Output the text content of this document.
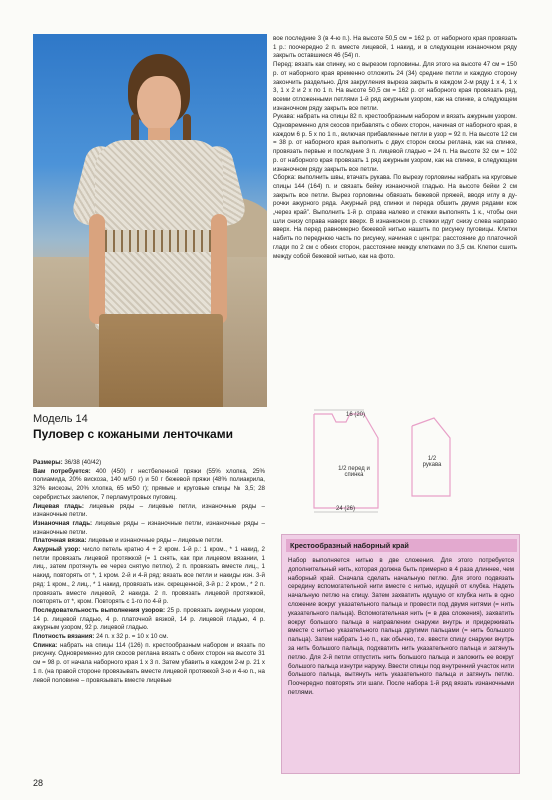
вое последние 3 (в 4-ю п.). На высоте 50,5 см = 162 р. от наборного края провязать 1 р.: поочередно 2 п. вместе лицевой, 1 накид, и в следующем изнаночном ряду закрыть оставшиеся 46 (54) п.

Перед: вязать как спинку, но с вырезом горловины. Для этого на высоте 47 см = 150 р. от наборного края временно отложить 24 (34) средние петли и каждую сторону закончить раздельно. Для закругления выреза закрыть в каждом 2-м ряду 1 x 4, 1 x 3, 1 x 2 и 2 x по 1 п. На высоте 50,5 см = 162 р. от наборного края провязать ряд, всеми отложенными петлями 1-й ряд ажурным узором, как на спинке, а следующем изнаночном ряду закрыть все петли.

Рукава: набрать на спицы 82 п. крестообразным набором и вязать ажурным узором. Одновременно для скосов прибавлять с обеих сторон, начиная от наборного края, в каждом 6 р. 5 x по 1 п., включая прибавленные петли в узор = 92 п. На высоте 12 см = 38 р. от наборного края выполнить с двух сторон скосы реглана, как на спинке, провязать первые и последние 3 п. лицевой гладью = 24 п. На высоте 32 см = 102 р. от наборного края провязать 1 ряд ажурным узором, как на спинке, в следующем изнаночном ряду закрыть все петли.

Сборка: выполнить швы, втачать рукава. По вырезу горловины набрать на круговые спицы 144 (164) п. и связать бейку изнаночной гладью. На высоте бейки 2 см закрыть все петли. Вырез горловины обвязать бежевой пряжей, вводя иглу в дурочки ажурного ряда. Ажурный ряд спинки и переда обшить двумя рядами кож „через край”. Выполнить 1-й р. справа налево и стежки выполнять 1 к., чтобы они шли снизу справа наверх вверх. В изнанконом р. стежки идут снизу слева направо вверх. На перед равномерно бежевой нитью нашить по рисунку пуговицы. Клетки набить по переднюю часть по рисунку, начиная с центра: расстояние до платочной глади по 2 см с обеих сторон, расстояние между клетками по 3,5 см. Клетки сшить между собой бежевой нитью, как на фото.

Модель 14
Пуловер с кожаными ленточками

Размеры: 36/38 (40/42)

Вам потребуется: 400 (450) г нестбеленной пряжи (55% хлопка, 25% полиамида, 20% вискоза, 140 м/50 г) и 50 г бежевой пряжи (48% полиакрила, 32% вискозы, 20% хлопка, 65 м/50 г); прямые и круговые спицы № 3,5; 28 серебристых заклепок, 7 перламутровых пуговиц.

Лицевая гладь: лицевые ряды – лицевые петли, изнаночные ряды – изнаночные петли.

Изнаночная гладь: лицевые ряды – изнаночные петли, изнаночные ряды – изнаночные петли.

Платочная вязка: лицевые и изнаночные ряды – лицевые петли.

Ажурный узор: число петель кратно 4 + 2 кром. 1-й р.: 1 кром., * 1 накид, 2 петли провязать лицевой протяжкой (= 1 снять, как при лицевом вязании, 1 лиц., затем протянуть ее через снятую петлю), 2 п. провязать вместе лиц., 1 накид, повторять от *, 1 кром. 2-й и 4-й ряд: вязать все петли и накиды изн. 3-й ряд: 1 кром., 2 лиц., * 1 накид, провязать изн. скрещенной, 3-й р.: 2 кром., * 2 п. провязать вместе лицевой, 2 накида. 2 п. провязать лицевой протяжкой, повторять от *, кром. Повторять с 1-го по 4-й р.

Последовательность выполнения узоров: 25 р. провязать ажурным узором, 14 р. лицевой гладью, 4 р. платочной вязкой, 14 р. лицевой гладью, 4 р. ажурным узором, 92 р. лицевой гладью.

Плотность вязания: 24 п. x 32 р. = 10 x 10 см.

Спинка: набрать на спицы 114 (126) п. крестообразным набором и вязать по рисунку. Одновременно для скосов реглана вязать с обеих сторон на высоте 31 см = 98 р. от начала наборного края 1 x 3 п. Затем убавить в каждом 2-м р. 21 x 1 п. (на правой стороне провязывать вместе лицевой протяжкой 3-ю и 4-ю п., на левой половине – провязывать вместе лицевые

16 (20)
1/2 перед и спинка
1/2 рукава
24 (26)
Крестообразный наборный край
Набор выполняется нитью в две сложения. Для этого потребуется дополнительный нить, которая должна быть примерно в 4 раза длиннее, чем наборный край. Сначала сделать начальную петлю. Для этого подвязать середину вспомогательной нити вместе с нитью, идущей от клубка. Надеть начальную петлю на спицу. Затем захватить идущую от клубка нить в одно сложение вокруг указательного пальца и провести под двумя нитями (= нить указательного пальца). Вспомогательная нить (= в два сложения), захватить вокруг большого пальца в направлении снаружи внутрь и придерживать вместе с нитью указательного пальца другими пальцами (= нить большого пальца). Затем набрать 1-ю п., как обычно, т.е. ввести спицу снаружи внутрь за нить большого пальца, подхватить нить указательного пальца и затянуть петлю. Для 2-й петли отпустить нить большого пальца и заложить ее вокруг большого пальца изнутри наружу. Ввести спицы под внутренний участок нити большого пальца, вытянуть нить указательного пальца и затянуть петлю. Поочередно повторять эти шаги. После набора 1-й ряд вязать изнаночными петлями.
28
